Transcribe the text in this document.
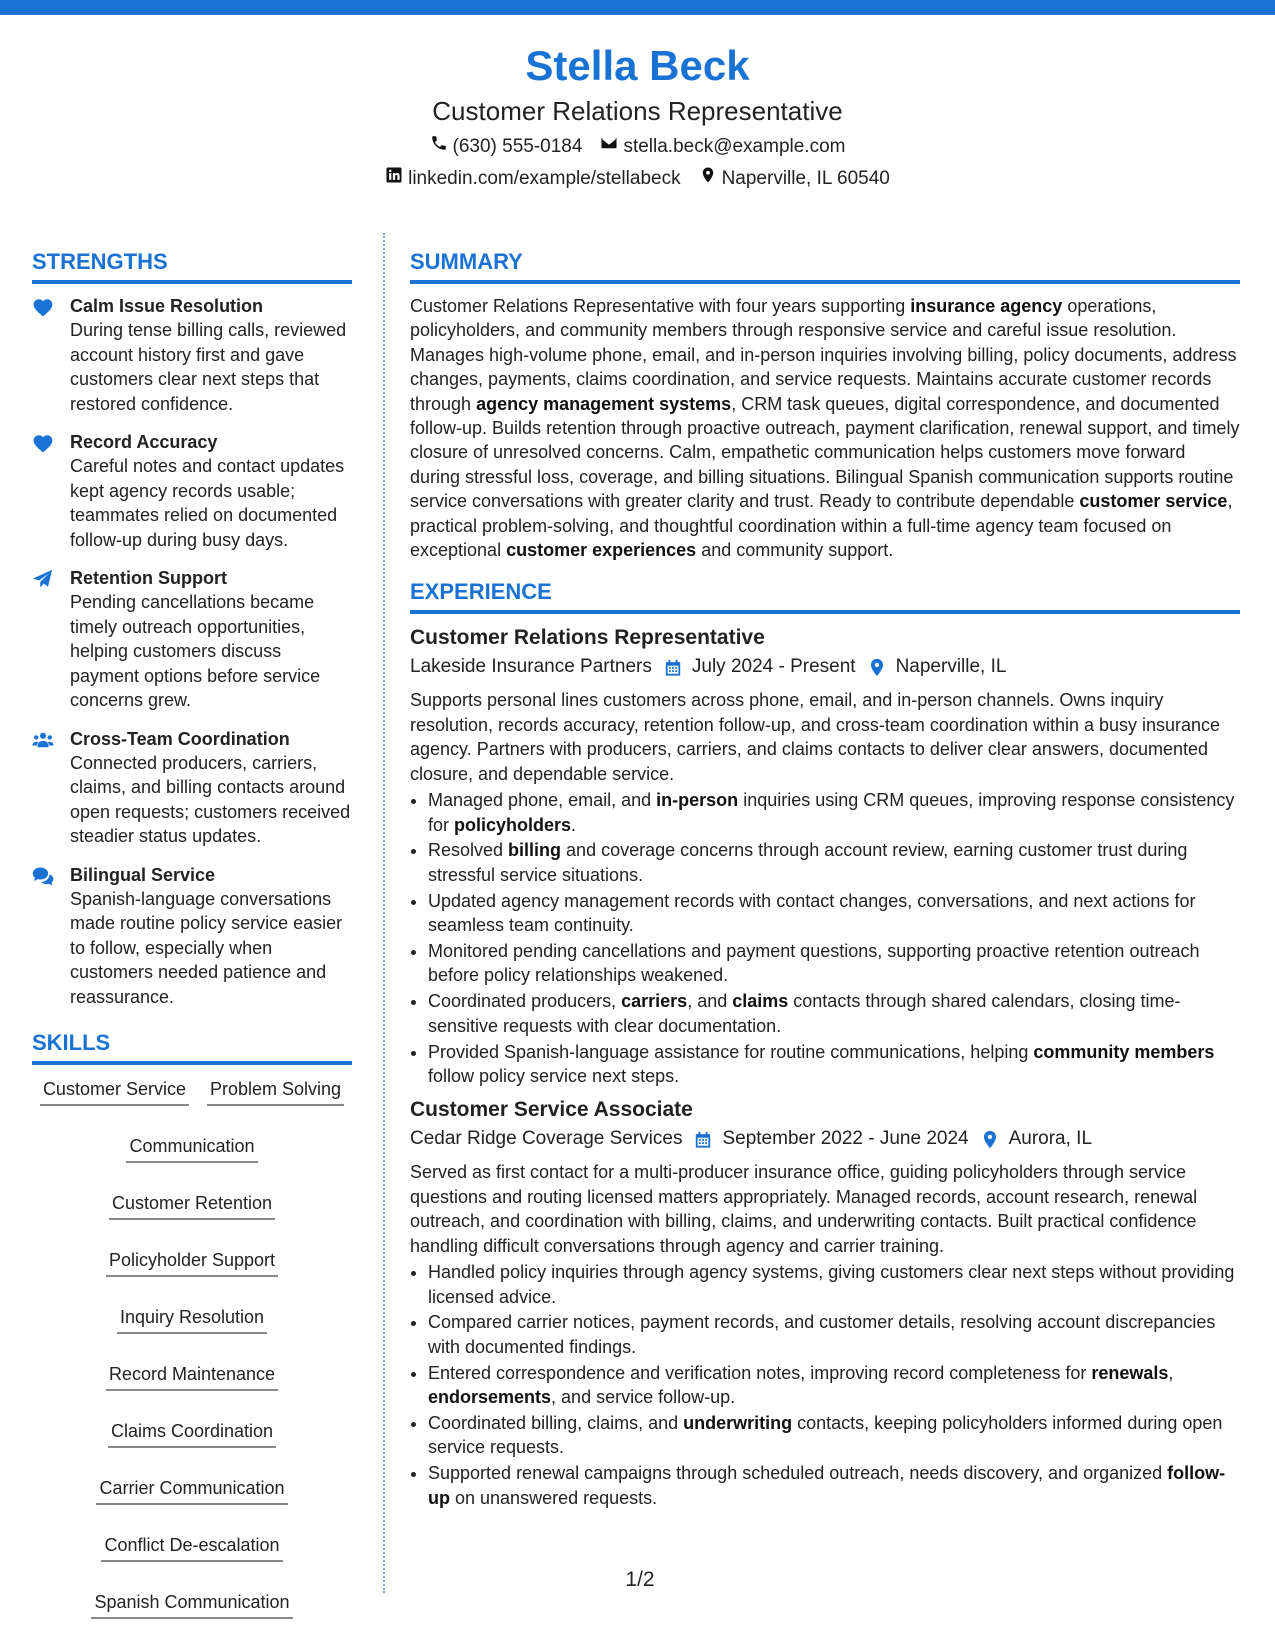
Stella Beck
Customer Relations Representative
(630) 555-0184 stella.beck@example.com
linkedin.com/example/stellabeck Naperville, IL 60540
STRENGTHS
Calm Issue Resolution
During tense billing calls, reviewed account history first and gave customers clear next steps that restored confidence.
Record Accuracy
Careful notes and contact updates kept agency records usable; teammates relied on documented follow-up during busy days.
Retention Support
Pending cancellations became timely outreach opportunities, helping customers discuss payment options before service concerns grew.
Cross-Team Coordination
Connected producers, carriers, claims, and billing contacts around open requests; customers received steadier status updates.
Bilingual Service
Spanish-language conversations made routine policy service easier to follow, especially when customers needed patience and reassurance.
SKILLS
Customer Service Problem Solving
Communication
Customer Retention
Policyholder Support
Inquiry Resolution
Record Maintenance
Claims Coordination
Carrier Communication
Conflict De-escalation
Spanish Communication
SUMMARY
Customer Relations Representative with four years supporting insurance agency operations, policyholders, and community members through responsive service and careful issue resolution. Manages high-volume phone, email, and in-person inquiries involving billing, policy documents, address changes, payments, claims coordination, and service requests. Maintains accurate customer records through agency management systems, CRM task queues, digital correspondence, and documented follow-up. Builds retention through proactive outreach, payment clarification, renewal support, and timely closure of unresolved concerns. Calm, empathetic communication helps customers move forward during stressful loss, coverage, and billing situations. Bilingual Spanish communication supports routine service conversations with greater clarity and trust. Ready to contribute dependable customer service, practical problem-solving, and thoughtful coordination within a full-time agency team focused on exceptional customer experiences and community support.
EXPERIENCE
Customer Relations Representative
Lakeside Insurance Partners July 2024 - Present Naperville, IL
Supports personal lines customers across phone, email, and in-person channels. Owns inquiry resolution, records accuracy, retention follow-up, and cross-team coordination within a busy insurance agency. Partners with producers, carriers, and claims contacts to deliver clear answers, documented closure, and dependable service.
• Managed phone, email, and in-person inquiries using CRM queues, improving response consistency for policyholders.
• Resolved billing and coverage concerns through account review, earning customer trust during stressful service situations.
• Updated agency management records with contact changes, conversations, and next actions for seamless team continuity.
• Monitored pending cancellations and payment questions, supporting proactive retention outreach before policy relationships weakened.
• Coordinated producers, carriers, and claims contacts through shared calendars, closing time-sensitive requests with clear documentation.
• Provided Spanish-language assistance for routine communications, helping community members follow policy service next steps.
Customer Service Associate
Cedar Ridge Coverage Services September 2022 - June 2024 Aurora, IL
Served as first contact for a multi-producer insurance office, guiding policyholders through service questions and routing licensed matters appropriately. Managed records, account research, renewal outreach, and coordination with billing, claims, and underwriting contacts. Built practical confidence handling difficult conversations through agency and carrier training.
• Handled policy inquiries through agency systems, giving customers clear next steps without providing licensed advice.
• Compared carrier notices, payment records, and customer details, resolving account discrepancies with documented findings.
• Entered correspondence and verification notes, improving record completeness for renewals, endorsements, and service follow-up.
• Coordinated billing, claims, and underwriting contacts, keeping policyholders informed during open service requests.
• Supported renewal campaigns through scheduled outreach, needs discovery, and organized follow-up on unanswered requests.
1/2
